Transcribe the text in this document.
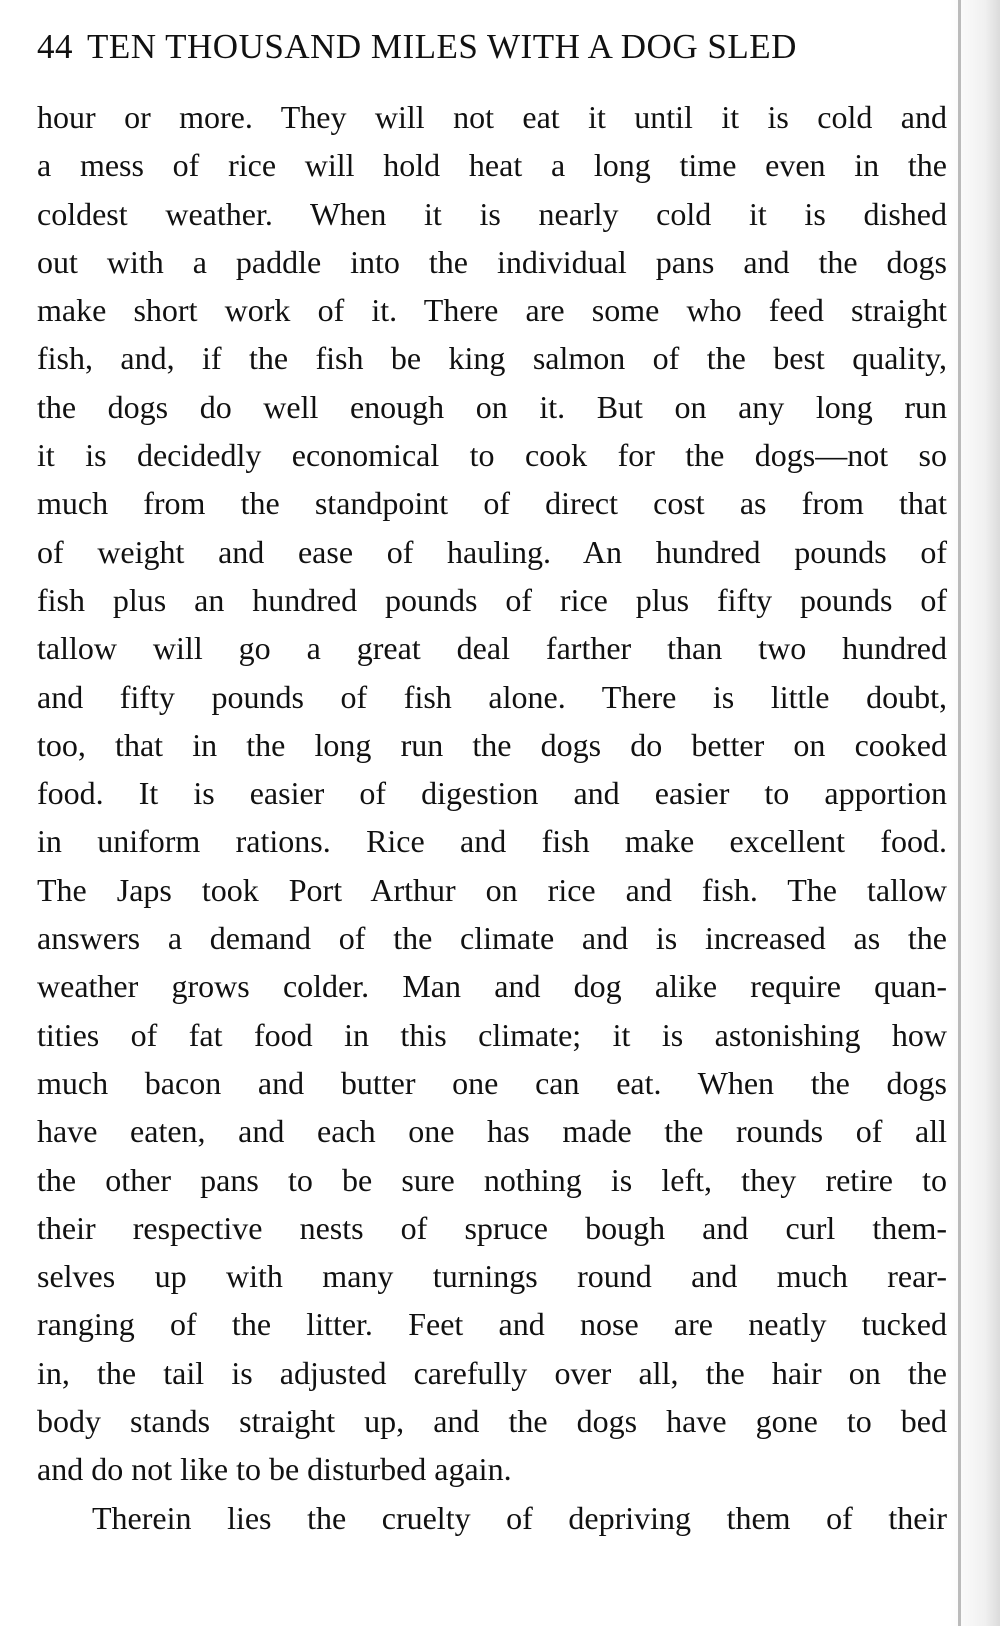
44 TEN THOUSAND MILES WITH A DOG SLED
hour or more. They will not eat it until it is cold and
a mess of rice will hold heat a long time even in the
coldest weather. When it is nearly cold it is dished
out with a paddle into the individual pans and the dogs
make short work of it. There are some who feed straight
fish, and, if the fish be king salmon of the best quality,
the dogs do well enough on it. But on any long run
it is decidedly economical to cook for the dogs—not so
much from the standpoint of direct cost as from that
of weight and ease of hauling. An hundred pounds of
fish plus an hundred pounds of rice plus fifty pounds of
tallow will go a great deal farther than two hundred
and fifty pounds of fish alone. There is little doubt,
too, that in the long run the dogs do better on cooked
food. It is easier of digestion and easier to apportion
in uniform rations. Rice and fish make excellent food.
The Japs took Port Arthur on rice and fish. The tallow
answers a demand of the climate and is increased as the
weather grows colder. Man and dog alike require quan-
tities of fat food in this climate; it is astonishing how
much bacon and butter one can eat. When the dogs
have eaten, and each one has made the rounds of all
the other pans to be sure nothing is left, they retire to
their respective nests of spruce bough and curl them-
selves up with many turnings round and much rear-
ranging of the litter. Feet and nose are neatly tucked
in, the tail is adjusted carefully over all, the hair on the
body stands straight up, and the dogs have gone to bed
and do not like to be disturbed again.
Therein lies the cruelty of depriving them of their
